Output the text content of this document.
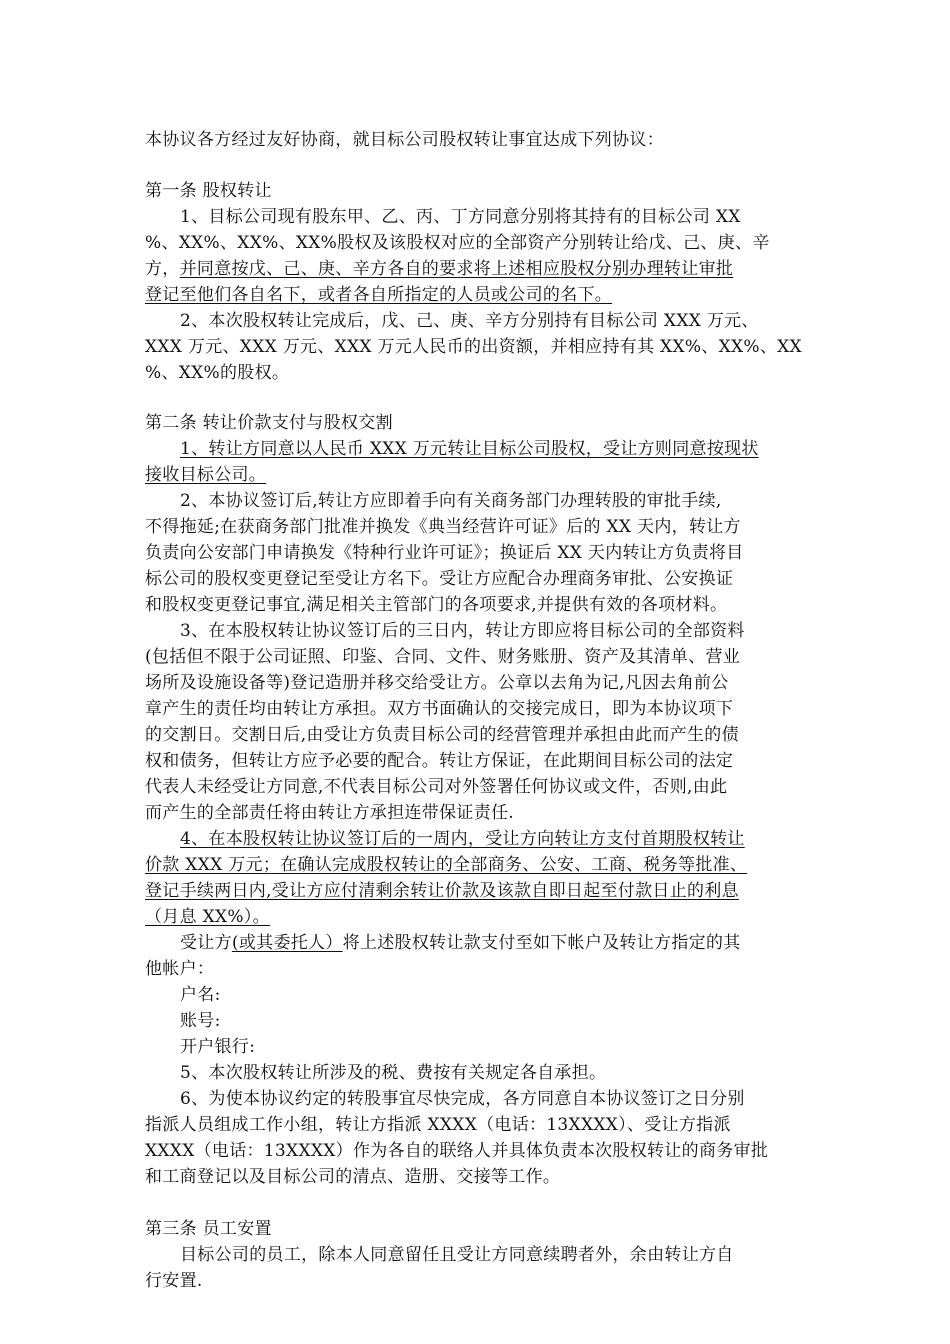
本协议各方经过友好协商，就目标公司股权转让事宜达成下列协议：
第一条 股权转让
1、目标公司现有股东甲、乙、丙、丁方同意分别将其持有的目标公司 XX
%、XX%、XX%、XX%股权及该股权对应的全部资产分别转让给戊、己、庚、辛
方，并同意按戊、己、庚、辛方各自的要求将上述相应股权分别办理转让审批
登记至他们各自名下，或者各自所指定的人员或公司的名下。
2、本次股权转让完成后，戊、己、庚、辛方分别持有目标公司 XXX 万元、
XXX 万元、XXX 万元、XXX 万元人民币的出资额，并相应持有其 XX%、XX%、XX
%、XX%的股权。
第二条 转让价款支付与股权交割
1、转让方同意以人民币 XXX 万元转让目标公司股权，受让方则同意按现状
接收目标公司。
2、本协议签订后,转让方应即着手向有关商务部门办理转股的审批手续,
不得拖延;在获商务部门批准并换发《典当经营许可证》后的 XX 天内，转让方
负责向公安部门申请换发《特种行业许可证》；换证后 XX 天内转让方负责将目
标公司的股权变更登记至受让方名下。受让方应配合办理商务审批、公安换证
和股权变更登记事宜,满足相关主管部门的各项要求,并提供有效的各项材料。
3、在本股权转让协议签订后的三日内，转让方即应将目标公司的全部资料
(包括但不限于公司证照、印鉴、合同、文件、财务账册、资产及其清单、营业
场所及设施设备等)登记造册并移交给受让方。公章以去角为记,凡因去角前公
章产生的责任均由转让方承担。双方书面确认的交接完成日，即为本协议项下
的交割日。交割日后,由受让方负责目标公司的经营管理并承担由此而产生的债
权和债务，但转让方应予必要的配合。转让方保证，在此期间目标公司的法定
代表人未经受让方同意,不代表目标公司对外签署任何协议或文件，否则,由此
而产生的全部责任将由转让方承担连带保证责任.
4、在本股权转让协议签订后的一周内，受让方向转让方支付首期股权转让
价款 XXX 万元；在确认完成股权转让的全部商务、公安、工商、税务等批准、
登记手续两日内,受让方应付清剩余转让价款及该款自即日起至付款日止的利息
（月息 XX%）。
受让方(或其委托人）将上述股权转让款支付至如下帐户及转让方指定的其
他帐户：
户名:
账号:
开户银行:
5、本次股权转让所涉及的税、费按有关规定各自承担。
6、为使本协议约定的转股事宜尽快完成，各方同意自本协议签订之日分别
指派人员组成工作小组，转让方指派 XXXX（电话：13XXXX）、受让方指派
XXXX（电话：13XXXX）作为各自的联络人并具体负责本次股权转让的商务审批
和工商登记以及目标公司的清点、造册、交接等工作。
第三条 员工安置
目标公司的员工，除本人同意留任且受让方同意续聘者外，余由转让方自
行安置.
